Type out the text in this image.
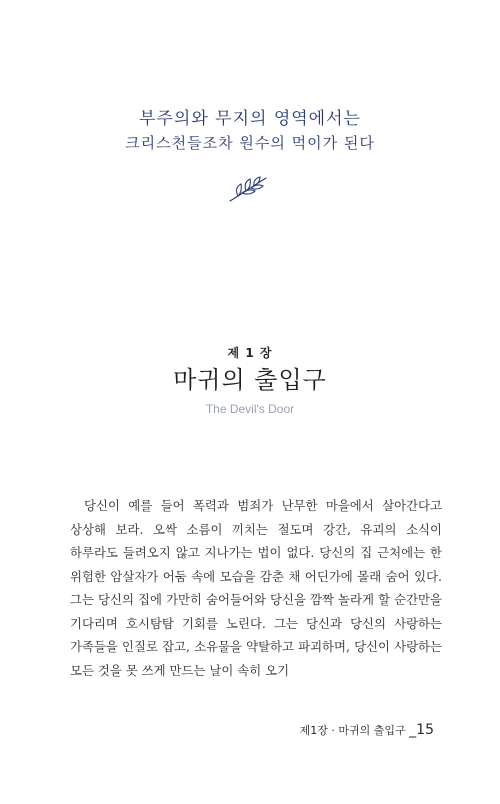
부주의와 무지의 영역에서는
크리스천들조차 원수의 먹이가 된다
제 1 장
마귀의 출입구
The Devil's Door

당신이 예를 들어 폭력과 범죄가 난무한 마을에서 살아간다고 상상해 보라. 오싹 소름이 끼치는 절도며 강간, 유괴의 소식이 하루라도 들려오지 않고 지나가는 법이 없다. 당신의 집 근처에는 한 위험한 암살자가 어둠 속에 모습을 감춘 채 어딘가에 몰래 숨어 있다. 그는 당신의 집에 가만히 숨어들어와 당신을 깜짝 놀라게 할 순간만을 기다리며 호시탐탐 기회를 노린다. 그는 당신과 당신의 사랑하는 가족들을 인질로 잡고, 소유물을 약탈하고 파괴하며, 당신이 사랑하는 모든 것을 못 쓰게 만드는 날이 속히 오기

제1장 · 마귀의 출입구 _15
